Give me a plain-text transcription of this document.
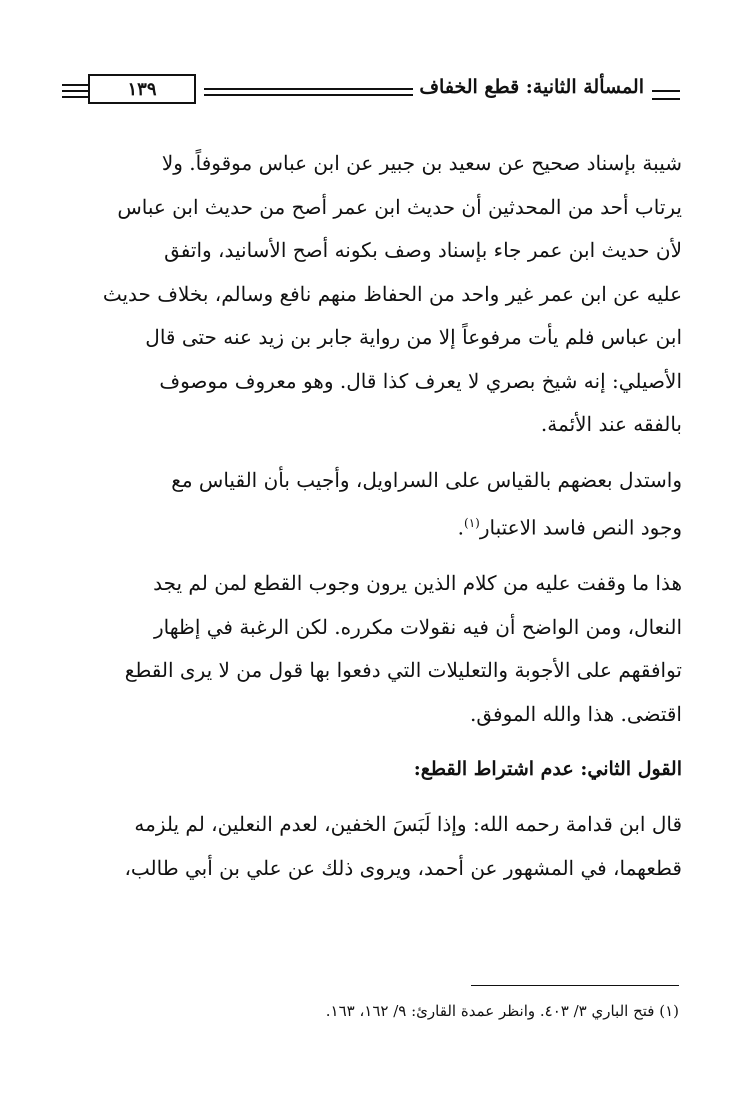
١٣٩	المسألة الثانية: قطع الخفاف

شيبة بإسناد صحيح عن سعيد بن جبير عن ابن عباس موقوفاً. ولا
يرتاب أحد من المحدثين أن حديث ابن عمر أصح من حديث ابن عباس
لأن حديث ابن عمر جاء بإسناد وصف بكونه أصح الأسانيد، واتفق
عليه عن ابن عمر غير واحد من الحفاظ منهم نافع وسالم، بخلاف حديث
ابن عباس فلم يأت مرفوعاً إلا من رواية جابر بن زيد عنه حتى قال
الأصيلي: إنه شيخ بصري لا يعرف كذا قال. وهو معروف موصوف
بالفقه عند الأئمة.

واستدل بعضهم بالقياس على السراويل، وأجيب بأن القياس مع
وجود النص فاسد الاعتبار$^{(١)}$.

هذا ما وقفت عليه من كلام الذين يرون وجوب القطع لمن لم يجد
النعال، ومن الواضح أن فيه نقولات مكرره. لكن الرغبة في إظهار
توافقهم على الأجوبة والتعليلات التي دفعوا بها قول من لا يرى القطع
اقتضى. هذا والله الموفق.

القول الثاني: عدم اشتراط القطع:

قال ابن قدامة رحمه الله: وإذا لَبَسَ الخفين، لعدم النعلين، لم يلزمه
قطعهما، في المشهور عن أحمد، ويروى ذلك عن علي بن أبي طالب،

(١) فتح الباري ٣/ ٤٠٣. وانظر عمدة القارئ: ٩/ ١٦٢، ١٦٣.
